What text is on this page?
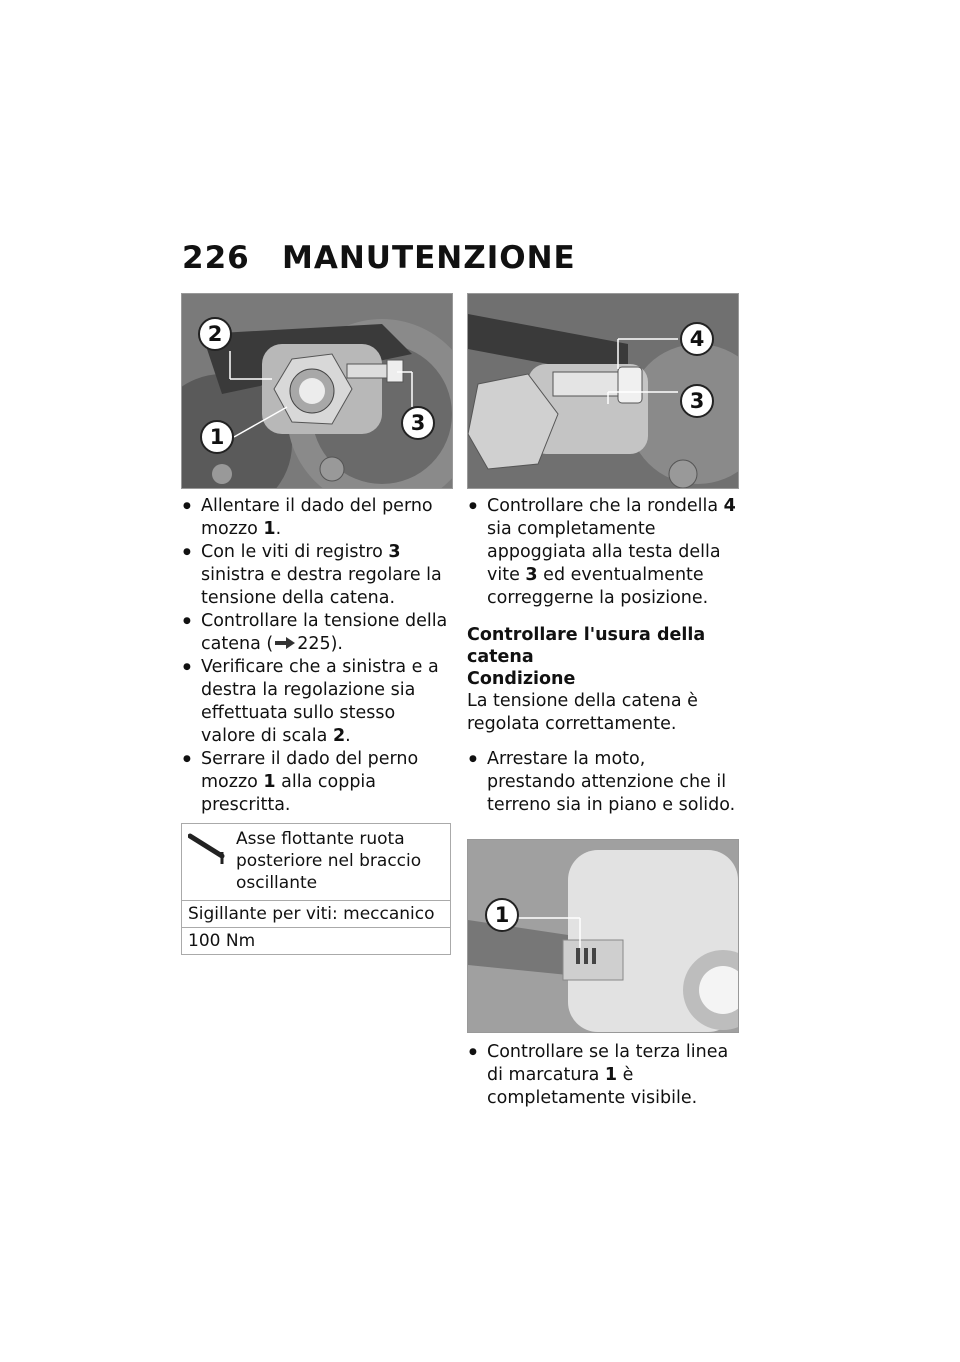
226 MANUTENZIONE
2
1
3
● Allentare il dado del perno mozzo 1.
● Con le viti di registro 3 sinistra e destra regolare la tensione della catena.
● Controllare la tensione della catena ( 225).
● Verificare che a sinistra e a destra la regolazione sia effettuata sullo stesso valore di scala 2.
● Serrare il dado del perno mozzo 1 alla coppia prescritta.
Asse flottante ruota posteriore nel braccio oscillante
Sigillante per viti: meccanico
100 Nm
4
3
● Controllare che la rondella 4 sia completamente appoggiata alla testa della vite 3 ed eventualmente correggerne la posizione.

Controllare l'usura della catena

Condizione

La tensione della catena è regolata correttamente.

● Arrestare la moto, prestando attenzione che il terreno sia in piano e solido.
1
● Controllare se la terza linea di marcatura 1 è completamente visibile.
